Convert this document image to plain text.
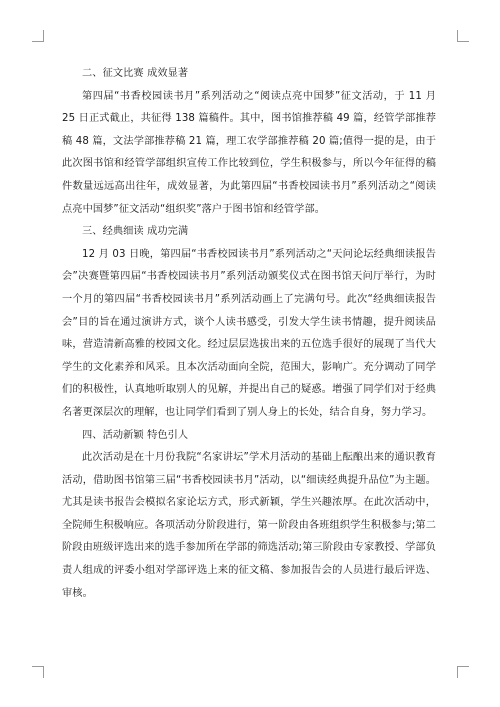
二、征文比赛 成效显著

第四届“书香校园读书月”系列活动之“阅读点亮中国梦”征文活动，于 11 月 25 日正式截止，共征得 138 篇稿件。其中，图书馆推荐稿 49 篇，经管学部推荐稿 48 篇，文法学部推荐稿 21 篇，理工农学部推荐稿 20 篇;值得一提的是，由于此次图书馆和经管学部组织宣传工作比较到位，学生积极参与，所以今年征得的稿件数量远远高出往年，成效显著，为此第四届“书香校园读书月”系列活动之“阅读点亮中国梦”征文活动“组织奖”落户于图书馆和经管学部。

三、经典细读 成功完满

12 月 03 日晚，第四届“书香校园读书月”系列活动之“天问论坛经典细读报告会”决赛暨第四届“书香校园读书月”系列活动颁奖仪式在图书馆天问厅举行，为时一个月的第四届“书香校园读书月”系列活动画上了完满句号。此次“经典细读报告会”目的旨在通过演讲方式，谈个人读书感受，引发大学生读书情趣，提升阅读品味，营造清新高雅的校园文化。经过层层选拔出来的五位选手很好的展现了当代大学生的文化素养和风采。且本次活动面向全院，范围大，影响广。充分调动了同学们的积极性，认真地听取别人的见解，并提出自己的疑惑。增强了同学们对于经典名著更深层次的理解，也让同学们看到了别人身上的长处，结合自身，努力学习。

四、活动新颖 特色引人

此次活动是在十月份我院“名家讲坛”学术月活动的基础上酝酿出来的通识教育活动，借助图书馆第三届“书香校园读书月”活动，以“细读经典提升品位”为主题。尤其是读书报告会模拟名家论坛方式，形式新颖，学生兴趣浓厚。在此次活动中，全院师生积极响应。各项活动分阶段进行，第一阶段由各班组织学生积极参与;第二阶段由班级评选出来的选手参加所在学部的筛选活动;第三阶段由专家教授、学部负责人组成的评委小组对学部评选上来的征文稿、参加报告会的人员进行最后评选、审核。
